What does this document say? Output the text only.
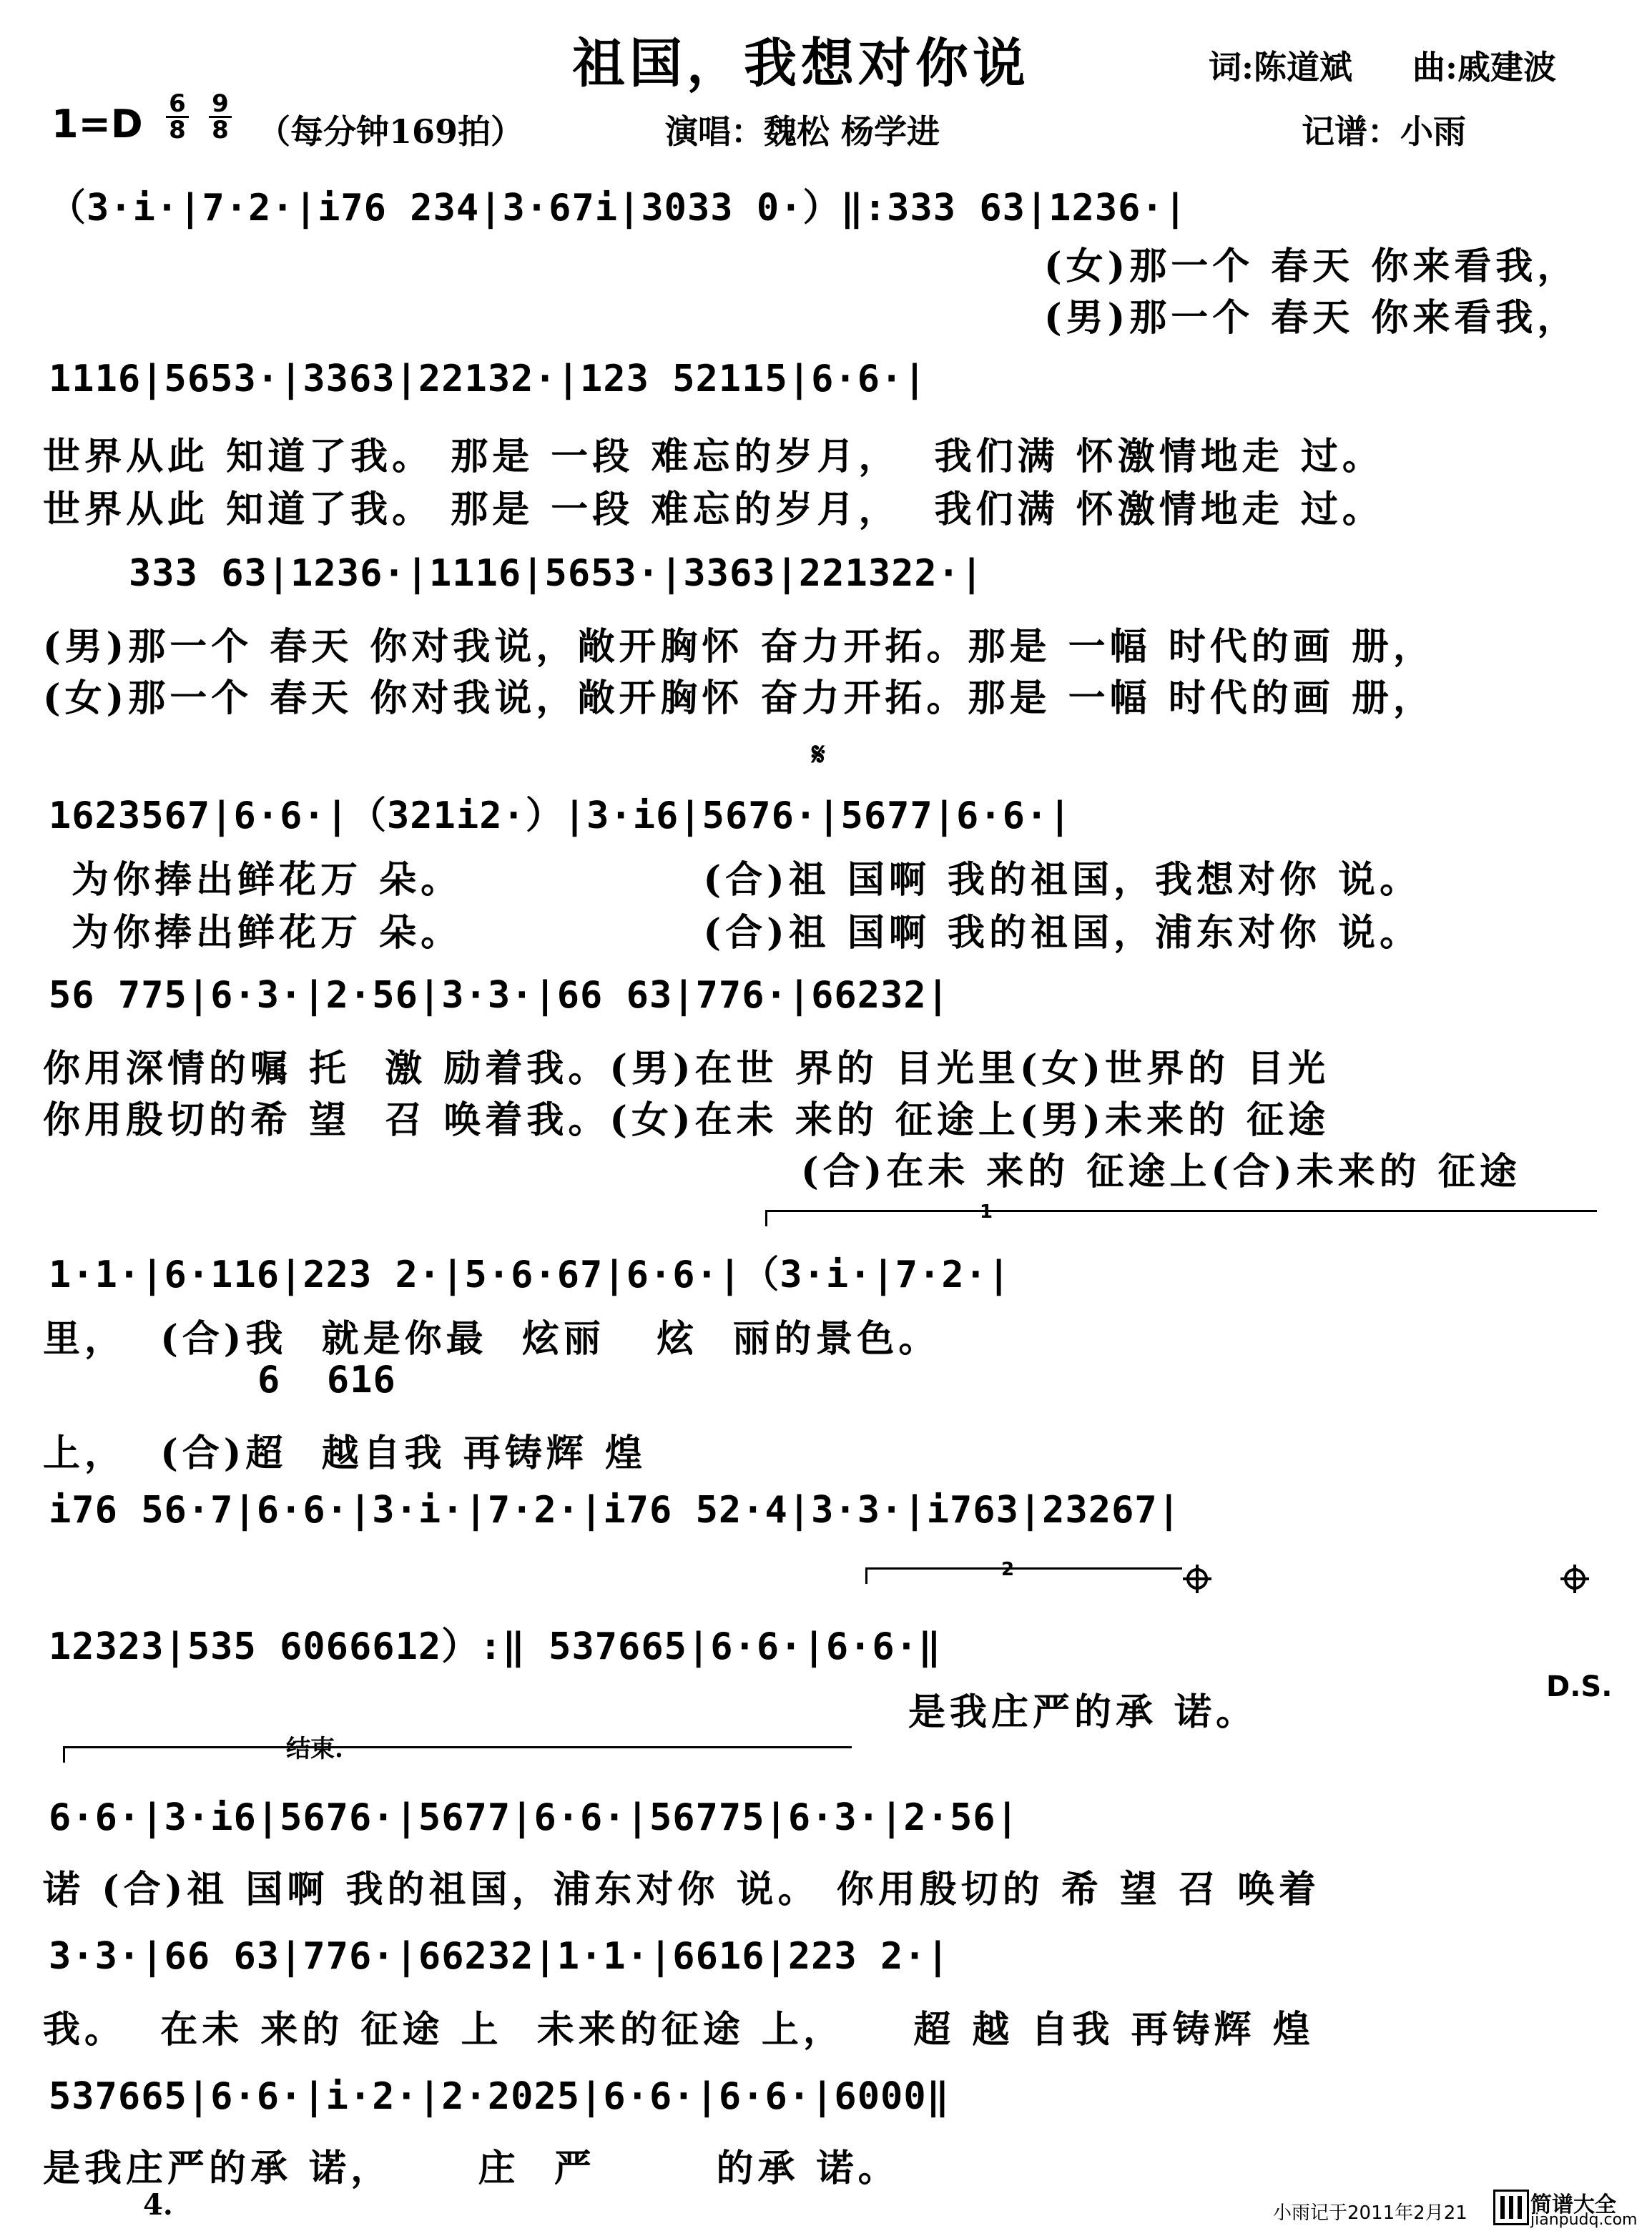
祖国，我想对你说	词:陈道斌 曲:戚建波
$1=D \frac{6}{8} \frac{9}{8}$ （每分钟169拍）	演唱：魏松 杨学进	记谱：小雨
（3·i·|7·2·|i76 234|3·67i|3033 0·）‖:333 63|1236·|
(女)那一个 春天 你来看我，
(男)那一个 春天 你来看我，
1116|5653·|3363|22132·|123 52115|6·6·|
世界从此 知道了我。 那是 一段 难忘的岁月，  我们满 怀激情地走 过。
世界从此 知道了我。 那是 一段 难忘的岁月，  我们满 怀激情地走 过。
333 63|1236·|1116|5653·|3363|221322·|
(男)那一个 春天 你对我说，敞开胸怀 奋力开拓。那是 一幅 时代的画 册，
(女)那一个 春天 你对我说，敞开胸怀 奋力开拓。那是 一幅 时代的画 册，
𝄋
1623567|6·6·|（321i2·）|3·i6|5676·|5677|6·6·|
为你捧出鲜花万 朵。              (合)祖 国啊 我的祖国，我想对你 说。
为你捧出鲜花万 朵。              (合)祖 国啊 我的祖国，浦东对你 说。
56 775|6·3·|2·56|3·3·|66 63|776·|66232|
你用深情的嘱 托  激 励着我。(男)在世 界的 目光里(女)世界的 目光
你用殷切的希 望  召 唤着我。(女)在未 来的 征途上(男)未来的 征途
(合)在未 来的 征途上(合)未来的 征途
1
1·1·|6·116|223 2·|5·6·67|6·6·|（3·i·|7·2·|
里，  (合)我  就是你最  炫丽   炫  丽的景色。
6  616
上，  (合)超  越自我 再铸辉 煌
i76 56·7|6·6·|3·i·|7·2·|i76 52·4|3·3·|i763|23267|
2
12323|535 6066612）:‖ 537665|6·6·|6·6·‖
是我庄严的承 诺。
D.S.
结束.
6·6·|3·i6|5676·|5677|6·6·|56775|6·3·|2·56|
诺 (合)祖 国啊 我的祖国，浦东对你 说。 你用殷切的 希 望 召 唤着
3·3·|66 63|776·|66232|1·1·|6616|223 2·|
我。  在未 来的 征途 上  未来的征途 上，    超 越 自我 再铸辉 煌
537665|6·6·|i·2·|2·2025|6·6·|6·6·|6000‖
是我庄严的承 诺，     庄  严       的承 诺。
4.	小雨记于2011年2月21	简谱大全
jianpudq.com
